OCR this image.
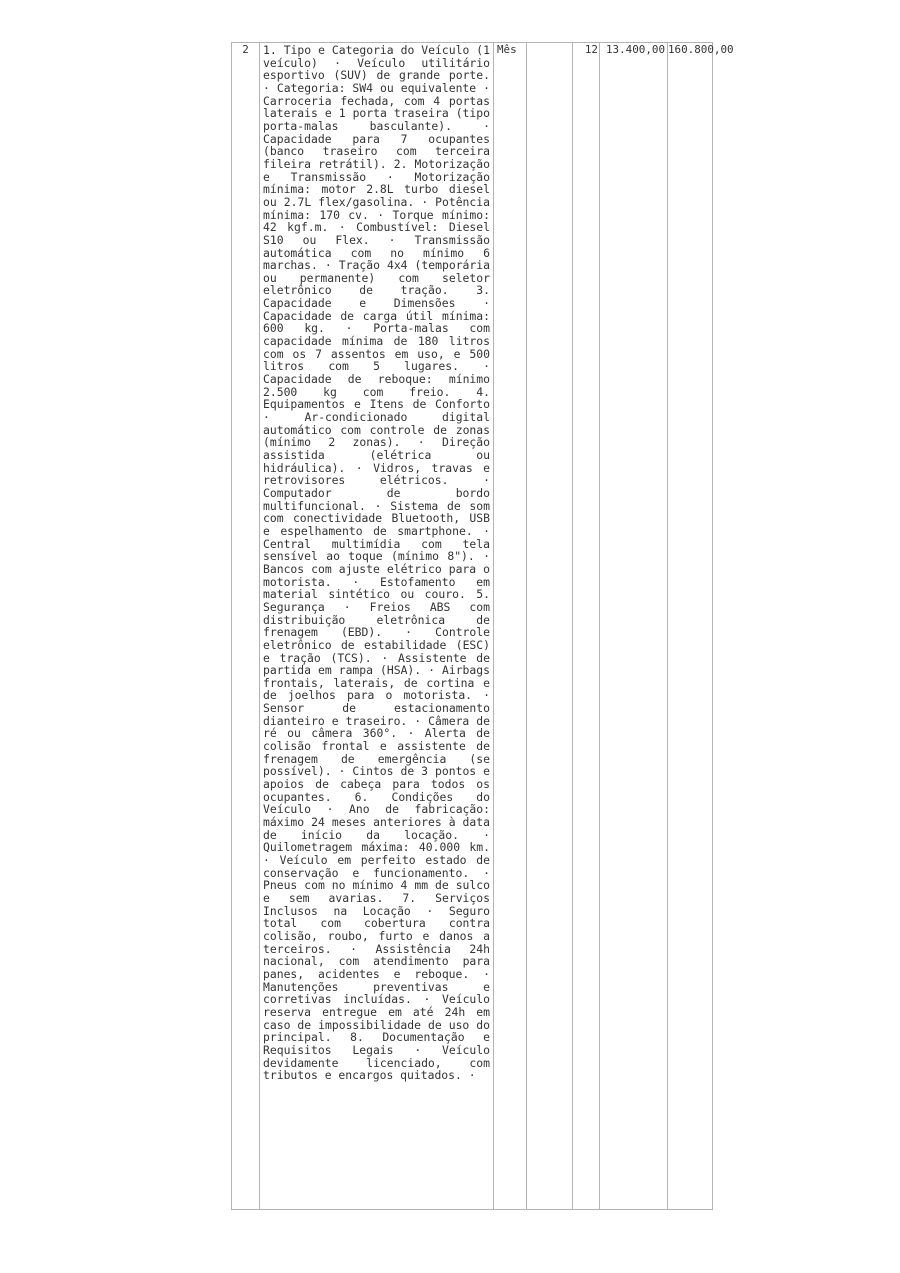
2	1. Tipo e Categoria do Veículo (1 veículo) · Veículo utilitário esportivo (SUV) de grande porte. · Categoria: SW4 ou equivalente · Carroceria fechada, com 4 portas laterais e 1 porta traseira (tipo porta-malas basculante). · Capacidade para 7 ocupantes (banco traseiro com terceira fileira retrátil). 2. Motorização e Transmissão · Motorização mínima: motor 2.8L turbo diesel ou 2.7L flex/gasolina. · Potência mínima: 170 cv. · Torque mínimo: 42 kgf.m. · Combustível: Diesel S10 ou Flex. · Transmissão automática com no mínimo 6 marchas. · Tração 4x4 (temporária ou permanente) com seletor eletrônico de tração. 3. Capacidade e Dimensões · Capacidade de carga útil mínima: 600 kg. · Porta-malas com capacidade mínima de 180 litros com os 7 assentos em uso, e 500 litros com 5 lugares. · Capacidade de reboque: mínimo 2.500 kg com freio. 4. Equipamentos e Itens de Conforto · Ar-condicionado digital automático com controle de zonas (mínimo 2 zonas). · Direção assistida (elétrica ou hidráulica). · Vidros, travas e retrovisores elétricos. · Computador de bordo multifuncional. · Sistema de som com conectividade Bluetooth, USB e espelhamento de smartphone. · Central multimídia com tela sensível ao toque (mínimo 8"). · Bancos com ajuste elétrico para o motorista. · Estofamento em material sintético ou couro. 5. Segurança · Freios ABS com distribuição eletrônica de frenagem (EBD). · Controle eletrônico de estabilidade (ESC) e tração (TCS). · Assistente de partida em rampa (HSA). · Airbags frontais, laterais, de cortina e de joelhos para o motorista. · Sensor de estacionamento dianteiro e traseiro. · Câmera de ré ou câmera 360°. · Alerta de colisão frontal e assistente de frenagem de emergência (se possível). · Cintos de 3 pontos e apoios de cabeça para todos os ocupantes. 6. Condições do Veículo · Ano de fabricação: máximo 24 meses anteriores à data de início da locação. · Quilometragem máxima: 40.000 km. · Veículo em perfeito estado de conservação e funcionamento. · Pneus com no mínimo 4 mm de sulco e sem avarias. 7. Serviços Inclusos na Locação · Seguro total com cobertura contra colisão, roubo, furto e danos a terceiros. · Assistência 24h nacional, com atendimento para panes, acidentes e reboque. · Manutenções preventivas e corretivas incluídas. · Veículo reserva entregue em até 24h em caso de impossibilidade de uso do principal. 8. Documentação e Requisitos Legais · Veículo devidamente licenciado, com tributos e encargos quitados. ·
Mês	12 13.400,00 160.800,00
